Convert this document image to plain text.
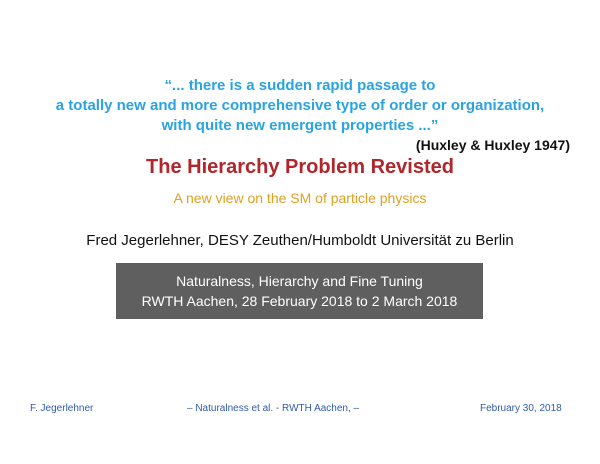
“... there is a sudden rapid passage to
a totally new and more comprehensive type of order or organization,
with quite new emergent properties ...”
(Huxley & Huxley 1947)
The Hierarchy Problem Revisted
A new view on the SM of particle physics
Fred Jegerlehner, DESY Zeuthen/Humboldt Universität zu Berlin
Naturalness, Hierarchy and Fine Tuning
RWTH Aachen, 28 February 2018 to 2 March 2018
F. Jegerlehner	– Naturalness et al. - RWTH Aachen, –	February 30, 2018
